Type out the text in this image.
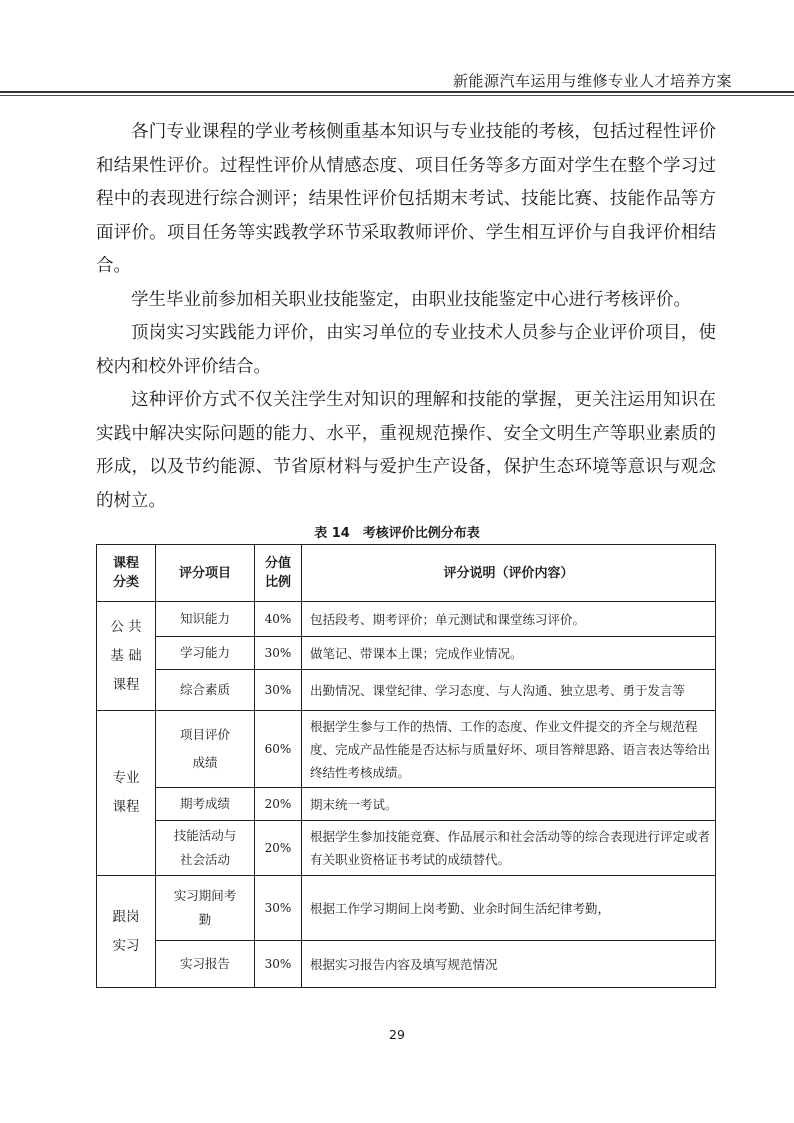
新能源汽车运用与维修专业人才培养方案

各门专业课程的学业考核侧重基本知识与专业技能的考核，包括过程性评价和结果性评价。过程性评价从情感态度、项目任务等多方面对学生在整个学习过程中的表现进行综合测评；结果性评价包括期末考试、技能比赛、技能作品等方面评价。项目任务等实践教学环节采取教师评价、学生相互评价与自我评价相结合。

学生毕业前参加相关职业技能鉴定，由职业技能鉴定中心进行考核评价。

顶岗实习实践能力评价，由实习单位的专业技术人员参与企业评价项目，使校内和校外评价结合。

这种评价方式不仅关注学生对知识的理解和技能的掌握，更关注运用知识在实践中解决实际问题的能力、水平，重视规范操作、安全文明生产等职业素质的形成，以及节约能源、节省原材料与爱护生产设备，保护生态环境等意识与观念的树立。

表 14　考核评价比例分布表
课程分类	评分项目	分值比例	评分说明（评价内容）
公 共 基 础 课程	知识能力	40%	包括段考、期考评价；单元测试和课堂练习评价。
	学习能力	30%	做笔记、带课本上课；完成作业情况。
	综合素质	30%	出勤情况、课堂纪律、学习态度、与人沟通、独立思考、勇于发言等
专业课程	项目评价成绩	60%	根据学生参与工作的热情、工作的态度、作业文件提交的齐全与规范程度、完成产品性能是否达标与质量好坏、项目答辩思路、语言表达等给出终结性考核成绩。
	期考成绩	20%	期末统一考试。
	技能活动与社会活动	20%	根据学生参加技能竞赛、作品展示和社会活动等的综合表现进行评定或者有关职业资格证书考试的成绩替代。
跟岗实习	实习期间考勤	30%	根据工作学习期间上岗考勤、业余时间生活纪律考勤，
	实习报告	30%	根据实习报告内容及填写规范情况
29
